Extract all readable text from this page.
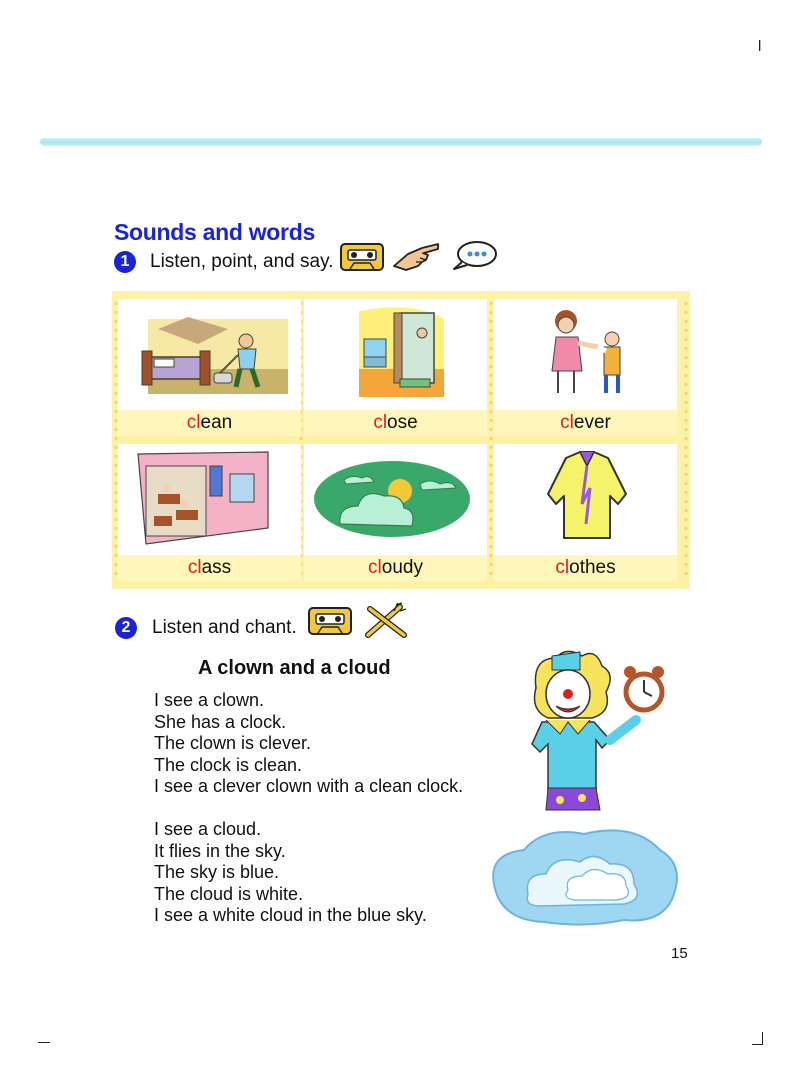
l
Sounds and words
1	Listen, point, and say.
clean	close	clever
class	cloudy	clothes
2	Listen and chant.
A clown and a cloud
I see a clown.
She has a clock.
The clown is clever.
The clock is clean.
I see a clever clown with a clean clock.
I see a cloud.
It flies in the sky.
The sky is blue.
The cloud is white.
I see a white cloud in the blue sky.
15
